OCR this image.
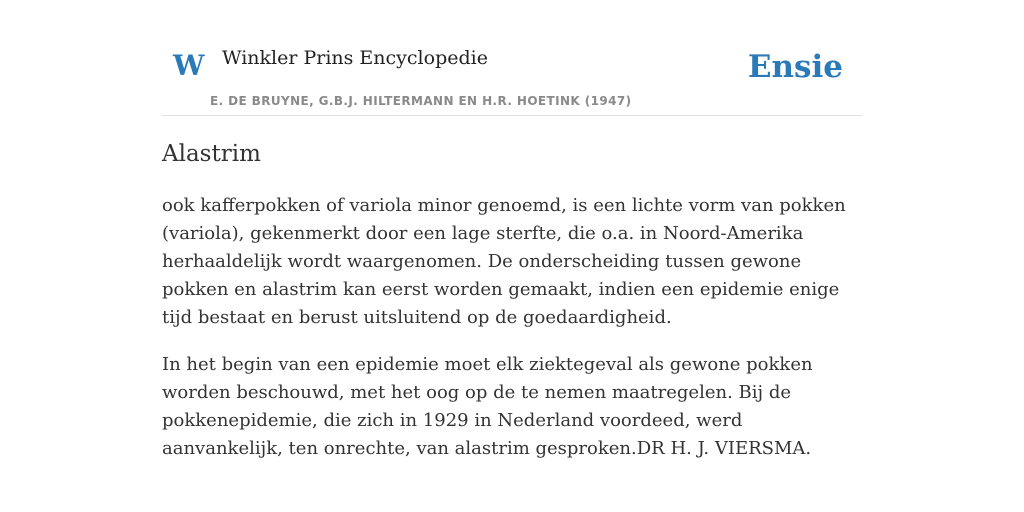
W Winkler Prins Encyclopedie
E. DE BRUYNE, G.B.J. HILTERMANN EN H.R. HOETINK (1947)
Ensie
Alastrim

ook kafferpokken of variola minor genoemd, is een lichte vorm van pokken (variola), gekenmerkt door een lage sterfte, die o.a. in Noord-Amerika herhaaldelijk wordt waargenomen. De onderscheiding tussen gewone pokken en alastrim kan eerst worden gemaakt, indien een epidemie enige tijd bestaat en berust uitsluitend op de goedaardigheid.

In het begin van een epidemie moet elk ziektegeval als gewone pokken worden beschouwd, met het oog op de te nemen maatregelen. Bij de pokkenepidemie, die zich in 1929 in Nederland voordeed, werd aanvankelijk, ten onrechte, van alastrim gesproken.DR H. J. VIERSMA.
